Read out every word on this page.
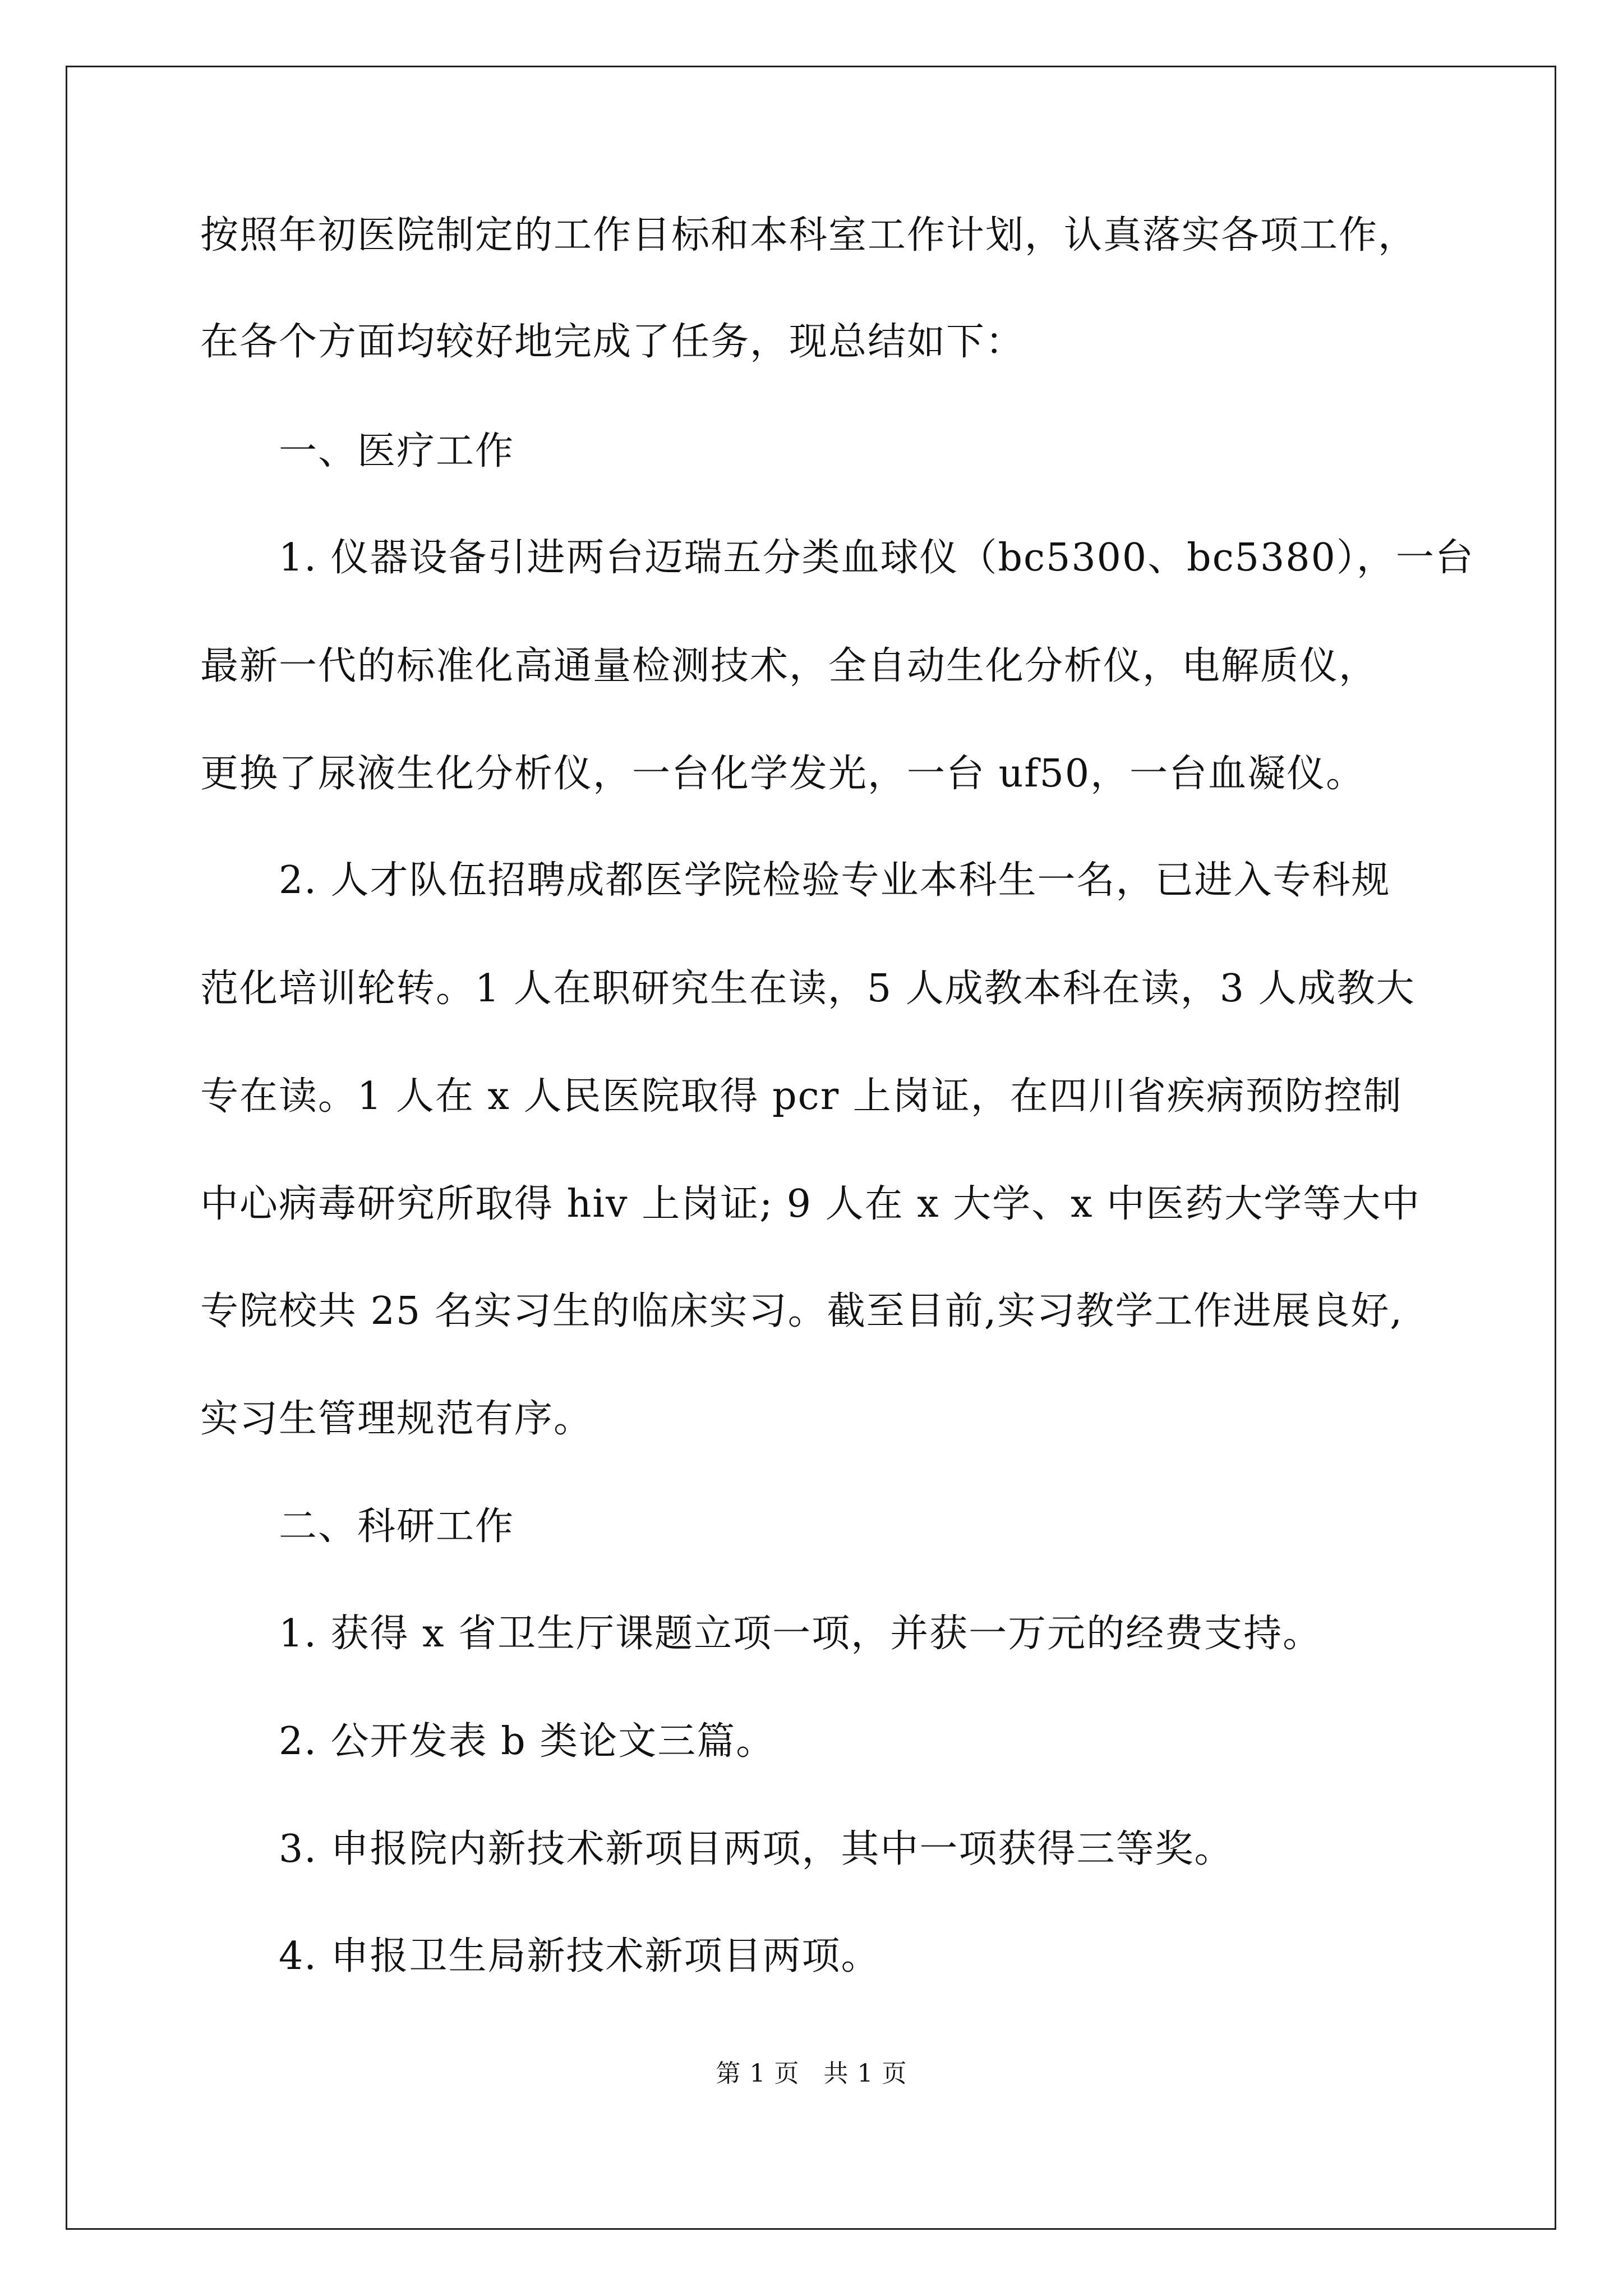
按照年初医院制定的工作目标和本科室工作计划，认真落实各项工作，
在各个方面均较好地完成了任务，现总结如下：
一、医疗工作
1. 仪器设备引进两台迈瑞五分类血球仪（bc5300、bc5380），一台
最新一代的标准化高通量检测技术，全自动生化分析仪，电解质仪，
更换了尿液生化分析仪，一台化学发光，一台 uf50，一台血凝仪。
2. 人才队伍招聘成都医学院检验专业本科生一名，已进入专科规
范化培训轮转。1 人在职研究生在读，5 人成教本科在读，3 人成教大
专在读。1 人在 x 人民医院取得 pcr 上岗证，在四川省疾病预防控制
中心病毒研究所取得 hiv 上岗证; 9 人在 x 大学、x 中医药大学等大中
专院校共 25 名实习生的临床实习。截至目前,实习教学工作进展良好,
实习生管理规范有序。
二、科研工作
1. 获得 x 省卫生厅课题立项一项，并获一万元的经费支持。
2. 公开发表 b 类论文三篇。
3. 申报院内新技术新项目两项，其中一项获得三等奖。
4. 申报卫生局新技术新项目两项。
第 1 页 共 1 页
